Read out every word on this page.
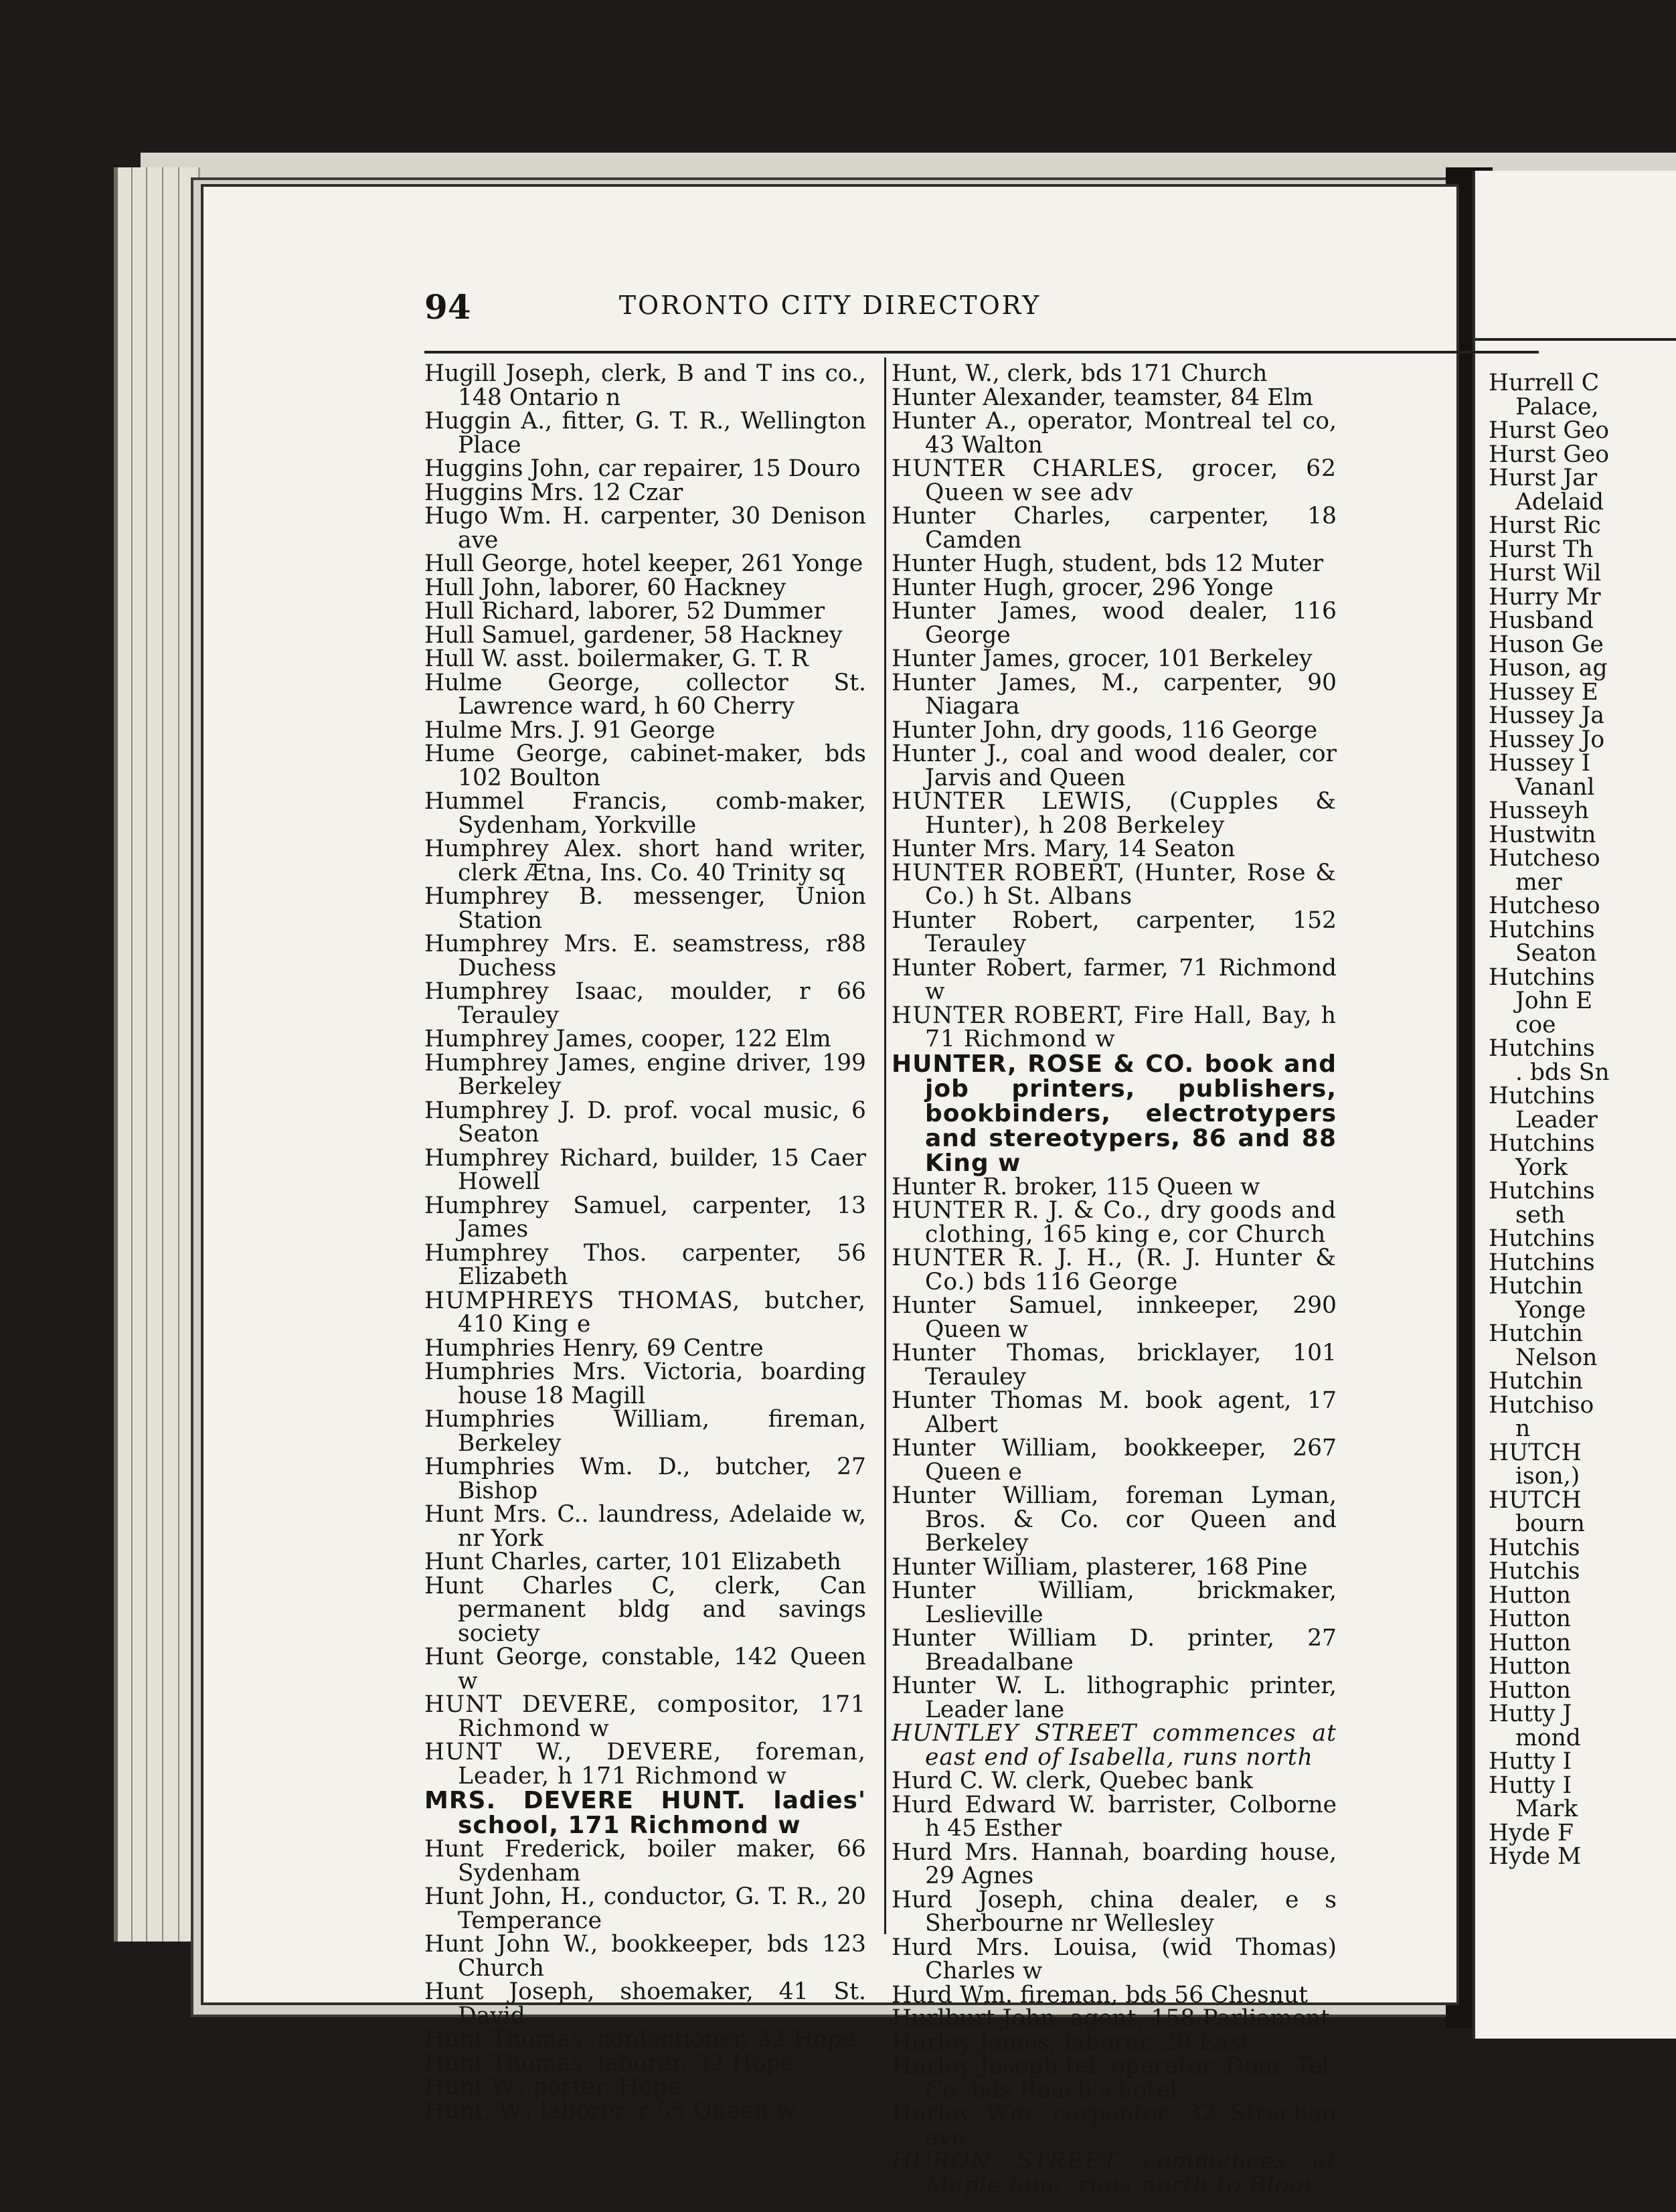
Hurrell C
Palace,
Hurst Geo
Hurst Geo
Hurst Jar
Adelaid
Hurst Ric
Hurst Th
Hurst Wil
Hurry Mr
Husband
Huson Ge
Huson, ag
Hussey E
Hussey Ja
Hussey Jo
Hussey I
Vananl
Husseyh
Hustwitn
Hutcheso
mer
Hutcheso
Hutchins
Seaton
Hutchins
John E
coe
Hutchins
. bds Sn
Hutchins
Leader
Hutchins
York
Hutchins
seth
Hutchins
Hutchins
Hutchin
Yonge
Hutchin
Nelson
Hutchin
Hutchiso
n
HUTCH
ison,)
HUTCH
bourn
Hutchis
Hutchis
Hutton
Hutton
Hutton
Hutton
Hutton
Hutty J
mond
Hutty I
Hutty I
Mark
Hyde F
Hyde M
94	TORONTO CITY DIRECTORY
Hugill Joseph, clerk, B and T ins co., 148 Ontario n
Huggin A., fitter, G. T. R., Wellington Place
Huggins John, car repairer, 15 Douro
Huggins Mrs. 12 Czar
Hugo Wm. H. carpenter, 30 Denison ave
Hull George, hotel keeper, 261 Yonge
Hull John, laborer, 60 Hackney
Hull Richard, laborer, 52 Dummer
Hull Samuel, gardener, 58 Hackney
Hull W. asst. boilermaker, G. T. R
Hulme George, collector St. Lawrence ward, h 60 Cherry
Hulme Mrs. J. 91 George
Hume George, cabinet-maker, bds 102 Boulton
Hummel Francis, comb-maker, Sydenham, Yorkville
Humphrey Alex. short hand writer, clerk Ætna, Ins. Co. 40 Trinity sq
Humphrey B. messenger, Union Station
Humphrey Mrs. E. seamstress, r88 Duchess
Humphrey Isaac, moulder, r 66 Terauley
Humphrey James, cooper, 122 Elm
Humphrey James, engine driver, 199 Berkeley
Humphrey J. D. prof. vocal music, 6 Seaton
Humphrey Richard, builder, 15 Caer Howell
Humphrey Samuel, carpenter, 13 James
Humphrey Thos. carpenter, 56 Elizabeth
HUMPHREYS THOMAS, butcher, 410 King e
Humphries Henry, 69 Centre
Humphries Mrs. Victoria, boarding house 18 Magill
Humphries William, fireman, Berkeley
Humphries Wm. D., butcher, 27 Bishop
Hunt Mrs. C.. laundress, Adelaide w, nr York
Hunt Charles, carter, 101 Elizabeth
Hunt Charles C, clerk, Can permanent bldg and savings society
Hunt George, constable, 142 Queen w
HUNT DEVERE, compositor, 171 Richmond w
HUNT W., DEVERE, foreman, Leader, h 171 Richmond w
MRS. DEVERE HUNT. ladies' school, 171 Richmond w
Hunt Frederick, boiler maker, 66 Sydenham
Hunt John, H., conductor, G. T. R., 20 Temperance
Hunt John W., bookkeeper, bds 123 Church
Hunt Joseph, shoemaker, 41 St. David
Hunt Thomas, confectioner, 32 Hope
Hunt Thomas, laborer, 32 Hope
Hunt W., porter, Hope
Hunt, W., laborer, r 55 Queen w
Hunt, W., clerk, bds 171 Church
Hunter Alexander, teamster, 84 Elm
Hunter A., operator, Montreal tel co, 43 Walton
HUNTER CHARLES, grocer, 62 Queen w see adv
Hunter Charles, carpenter, 18 Camden
Hunter Hugh, student, bds 12 Muter
Hunter Hugh, grocer, 296 Yonge
Hunter James, wood dealer, 116 George
Hunter James, grocer, 101 Berkeley
Hunter James, M., carpenter, 90 Niagara
Hunter John, dry goods, 116 George
Hunter J., coal and wood dealer, cor Jarvis and Queen
HUNTER LEWIS, (Cupples & Hunter), h 208 Berkeley
Hunter Mrs. Mary, 14 Seaton
HUNTER ROBERT, (Hunter, Rose & Co.) h St. Albans
Hunter Robert, carpenter, 152 Terauley
Hunter Robert, farmer, 71 Richmond w
HUNTER ROBERT, Fire Hall, Bay, h 71 Richmond w
HUNTER, ROSE & CO. book and job printers, publishers, bookbinders, electrotypers and stereotypers, 86 and 88 King w
Hunter R. broker, 115 Queen w
HUNTER R. J. & Co., dry goods and clothing, 165 king e, cor Church
HUNTER R. J. H., (R. J. Hunter & Co.) bds 116 George
Hunter Samuel, innkeeper, 290 Queen w
Hunter Thomas, bricklayer, 101 Terauley
Hunter Thomas M. book agent, 17 Albert
Hunter William, bookkeeper, 267 Queen e
Hunter William, foreman Lyman, Bros. & Co. cor Queen and Berkeley
Hunter William, plasterer, 168 Pine
Hunter William, brickmaker, Leslieville
Hunter William D. printer, 27 Breadalbane
Hunter W. L. lithographic printer, Leader lane
HUNTLEY STREET commences at east end of Isabella, runs north
Hurd C. W. clerk, Quebec bank
Hurd Edward W. barrister, Colborne h 45 Esther
Hurd Mrs. Hannah, boarding house, 29 Agnes
Hurd Joseph, china dealer, e s Sherbourne nr Wellesley
Hurd Mrs. Louisa, (wid Thomas) Charles w
Hurd Wm. fireman, bds 56 Chesnut
Hurlburt John, agent, 158 Parliament
Hurley James, laborer, 20 East
Hurley Joseph tel. operator, Dom. Tel. Co. bds Roach's hotel
Hurley Wm. carpenter, 32 Strachan ave
HURON STREET commences at Maple lane, runs north to Bloor
